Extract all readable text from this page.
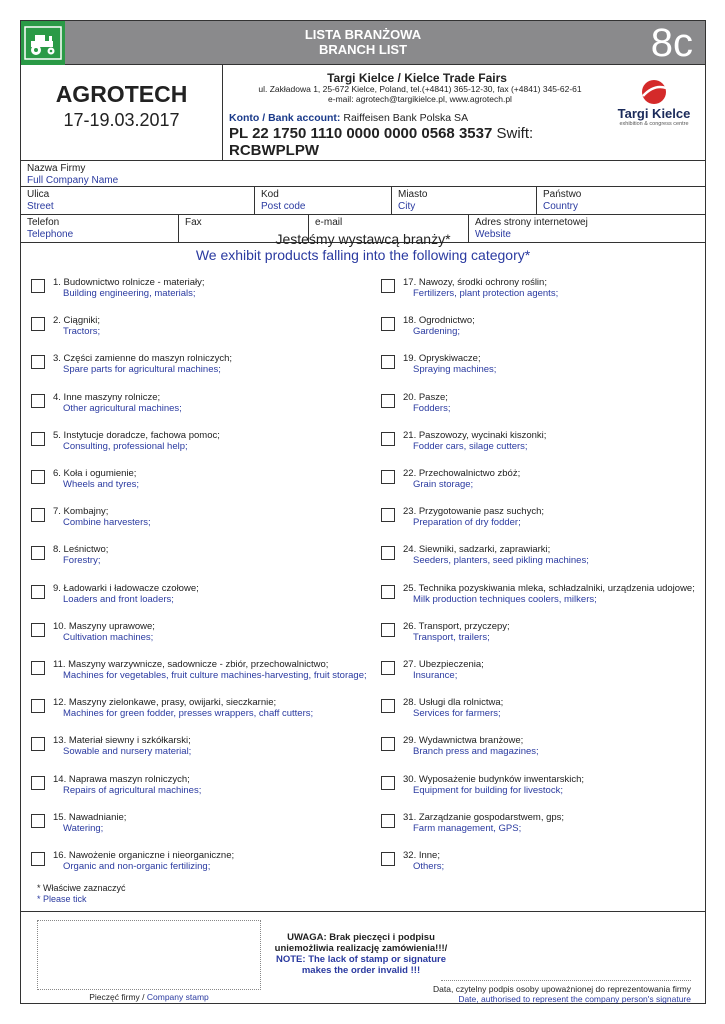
LISTA BRANŻOWA
BRANCH LIST	8c
AGROTECH
17-19.03.2017
Targi Kielce / Kielce Trade Fairs
ul. Zakładowa 1, 25-672 Kielce, Poland, tel.(+4841) 365-12-30, fax (+4841) 345-62-61
e-mail: agrotech@targikielce.pl, www.agrotech.pl
Konto / Bank account: Raiffeisen Bank Polska SA
PL 22 1750 1110 0000 0000 0568 3537 Swift: RCBWPLPW
Targi Kielce
exhibition & congress centre
Nazwa Firmy
Full Company Name
Ulica
Street
Kod
Post code
Miasto
City
Państwo
Country
Telefon
Telephone
Fax	e-mail	Adres strony internetowej
Website
Jesteśmy wystawcą branży*
We exhibit products falling into the following category*
1. Budownictwo rolnicze - materiały;
Building engineering, materials;
2. Ciągniki;
Tractors;
3. Części zamienne do maszyn rolniczych;
Spare parts for agricultural machines;
4. Inne maszyny rolnicze;
Other agricultural machines;
5. Instytucje doradcze, fachowa pomoc;
Consulting, professional help;
6. Koła i ogumienie;
Wheels and tyres;
7. Kombajny;
Combine harvesters;
8. Leśnictwo;
Forestry;
9. Ładowarki i ładowacze czołowe;
Loaders and front loaders;
10. Maszyny uprawowe;
Cultivation machines;
11. Maszyny warzywnicze, sadownicze - zbiór, przechowalnictwo;
Machines for vegetables, fruit culture machines-harvesting, fruit storage;
12. Maszyny zielonkawe, prasy, owijarki, sieczkarnie;
Machines for green fodder, presses wrappers, chaff cutters;
13. Materiał siewny i szkółkarski;
Sowable and nursery material;
14. Naprawa maszyn rolniczych;
Repairs of agricultural machines;
15. Nawadnianie;
Watering;
16. Nawożenie organiczne i nieorganiczne;
Organic and non-organic fertilizing;
17. Nawozy, środki ochrony roślin;
Fertilizers, plant protection agents;
18. Ogrodnictwo;
Gardening;
19. Opryskiwacze;
Spraying machines;
20. Pasze;
Fodders;
21. Paszowozy, wycinaki kiszonki;
Fodder cars, silage cutters;
22. Przechowalnictwo zbóż;
Grain storage;
23. Przygotowanie pasz suchych;
Preparation of dry fodder;
24. Siewniki, sadzarki, zaprawiarki;
Seeders, planters, seed pikling machines;
25. Technika pozyskiwania mleka, schładzalniki, urządzenia udojowe;
Milk production techniques coolers, milkers;
26. Transport, przyczepy;
Transport, trailers;
27. Ubezpieczenia;
Insurance;
28. Usługi dla rolnictwa;
Services for farmers;
29. Wydawnictwa branżowe;
Branch press and magazines;
30. Wyposażenie budynków inwentarskich;
Equipment for building for livestock;
31. Zarządzanie gospodarstwem, gps;
Farm management, GPS;
32. Inne;
Others;
* Właściwe zaznaczyć
* Please tick
Pieczęć firmy / Company stamp
UWAGA: Brak pieczęci i podpisu
uniemożliwia realizację zamówienia!!!/
NOTE: The lack of stamp or signature
makes the order invalid !!!
Data, czytelny podpis osoby upoważnionej do reprezentowania firmy
Date, authorised to represent the company person's signature
